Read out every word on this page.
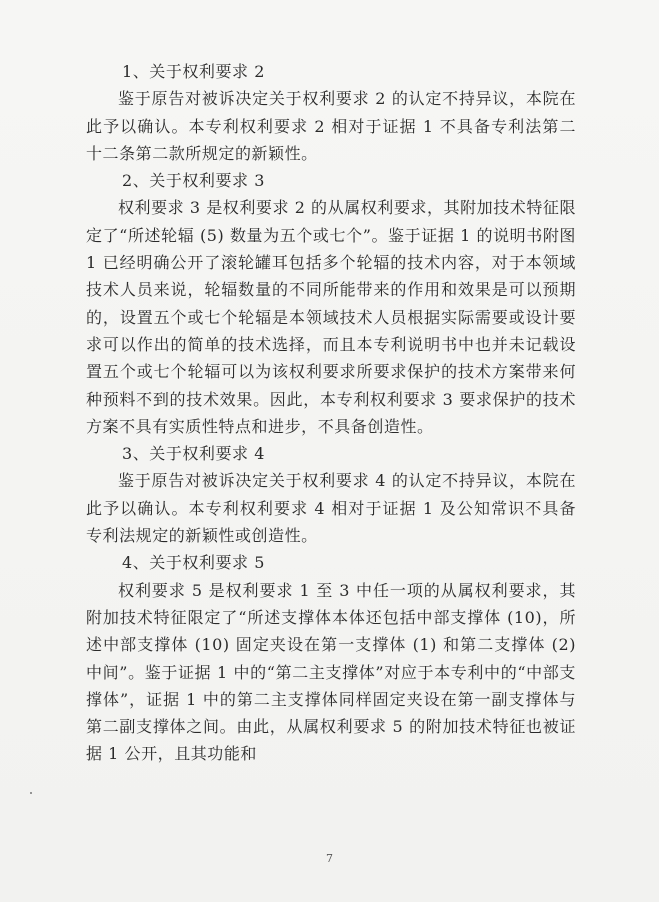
1、关于权利要求 2

鉴于原告对被诉决定关于权利要求 2 的认定不持异议，本院在此予以确认。本专利权利要求 2 相对于证据 1 不具备专利法第二十二条第二款所规定的新颖性。

2、关于权利要求 3

权利要求 3 是权利要求 2 的从属权利要求，其附加技术特征限定了“所述轮辐 (5) 数量为五个或七个”。鉴于证据 1 的说明书附图 1 已经明确公开了滚轮罐耳包括多个轮辐的技术内容，对于本领域技术人员来说，轮辐数量的不同所能带来的作用和效果是可以预期的，设置五个或七个轮辐是本领域技术人员根据实际需要或设计要求可以作出的简单的技术选择，而且本专利说明书中也并未记载设置五个或七个轮辐可以为该权利要求所要求保护的技术方案带来何种预料不到的技术效果。因此，本专利权利要求 3 要求保护的技术方案不具有实质性特点和进步，不具备创造性。

3、关于权利要求 4

鉴于原告对被诉决定关于权利要求 4 的认定不持异议，本院在此予以确认。本专利权利要求 4 相对于证据 1 及公知常识不具备专利法规定的新颖性或创造性。

4、关于权利要求 5

权利要求 5 是权利要求 1 至 3 中任一项的从属权利要求，其附加技术特征限定了“所述支撑体本体还包括中部支撑体 (10)，所述中部支撑体 (10) 固定夹设在第一支撑体 (1) 和第二支撑体 (2) 中间”。鉴于证据 1 中的“第二主支撑体”对应于本专利中的“中部支撑体”，证据 1 中的第二主支撑体同样固定夹设在第一副支撑体与第二副支撑体之间。由此，从属权利要求 5 的附加技术特征也被证据 1 公开，且其功能和

7
